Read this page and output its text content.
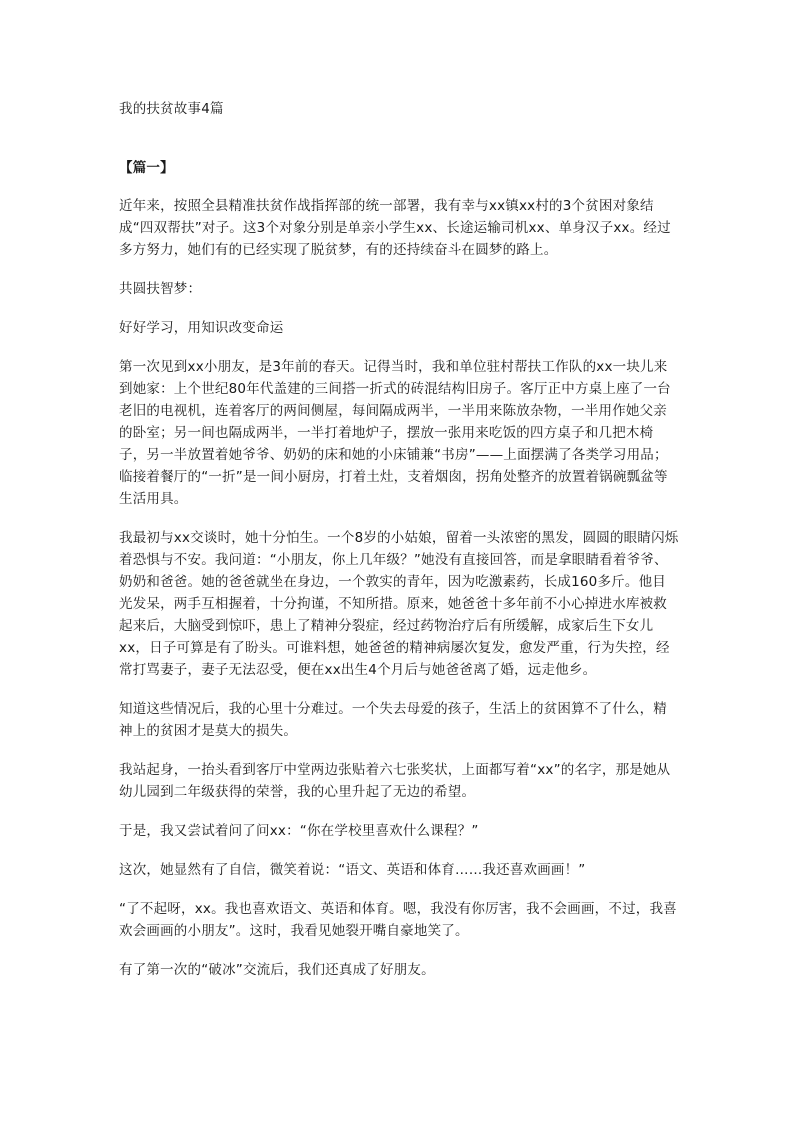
我的扶贫故事4篇
【篇一】

近年来，按照全县精准扶贫作战指挥部的统一部署，我有幸与xx镇xx村的3个贫困对象结成“四双帮扶”对子。这3个对象分别是单亲小学生xx、长途运输司机xx、单身汉子xx。经过多方努力，她们有的已经实现了脱贫梦，有的还持续奋斗在圆梦的路上。

共圆扶智梦：

好好学习，用知识改变命运

第一次见到xx小朋友，是3年前的春天。记得当时，我和单位驻村帮扶工作队的xx一块儿来到她家：上个世纪80年代盖建的三间搭一折式的砖混结构旧房子。客厅正中方桌上座了一台老旧的电视机，连着客厅的两间侧屋，每间隔成两半，一半用来陈放杂物，一半用作她父亲的卧室；另一间也隔成两半，一半打着地炉子，摆放一张用来吃饭的四方桌子和几把木椅子，另一半放置着她爷爷、奶奶的床和她的小床铺兼“书房”——上面摆满了各类学习用品；临接着餐厅的“一折”是一间小厨房，打着土灶，支着烟囱，拐角处整齐的放置着锅碗瓢盆等生活用具。

我最初与xx交谈时，她十分怕生。一个8岁的小姑娘，留着一头浓密的黑发，圆圆的眼睛闪烁着恐惧与不安。我问道：“小朋友，你上几年级？”她没有直接回答，而是拿眼睛看着爷爷、奶奶和爸爸。她的爸爸就坐在身边，一个敦实的青年，因为吃激素药，长成160多斤。他目光发呆，两手互相握着，十分拘谨，不知所措。原来，她爸爸十多年前不小心掉进水库被救起来后，大脑受到惊吓，患上了精神分裂症，经过药物治疗后有所缓解，成家后生下女儿xx，日子可算是有了盼头。可谁料想，她爸爸的精神病屡次复发，愈发严重，行为失控，经常打骂妻子，妻子无法忍受，便在xx出生4个月后与她爸爸离了婚，远走他乡。

知道这些情况后，我的心里十分难过。一个失去母爱的孩子，生活上的贫困算不了什么，精神上的贫困才是莫大的损失。

我站起身，一抬头看到客厅中堂两边张贴着六七张奖状，上面都写着“xx”的名字，那是她从幼儿园到二年级获得的荣誉，我的心里升起了无边的希望。

于是，我又尝试着问了问xx：“你在学校里喜欢什么课程？”

这次，她显然有了自信，微笑着说：“语文、英语和体育……我还喜欢画画！”

“了不起呀，xx。我也喜欢语文、英语和体育。嗯，我没有你厉害，我不会画画，不过，我喜欢会画画的小朋友”。这时，我看见她裂开嘴自豪地笑了。

有了第一次的“破冰”交流后，我们还真成了好朋友。
